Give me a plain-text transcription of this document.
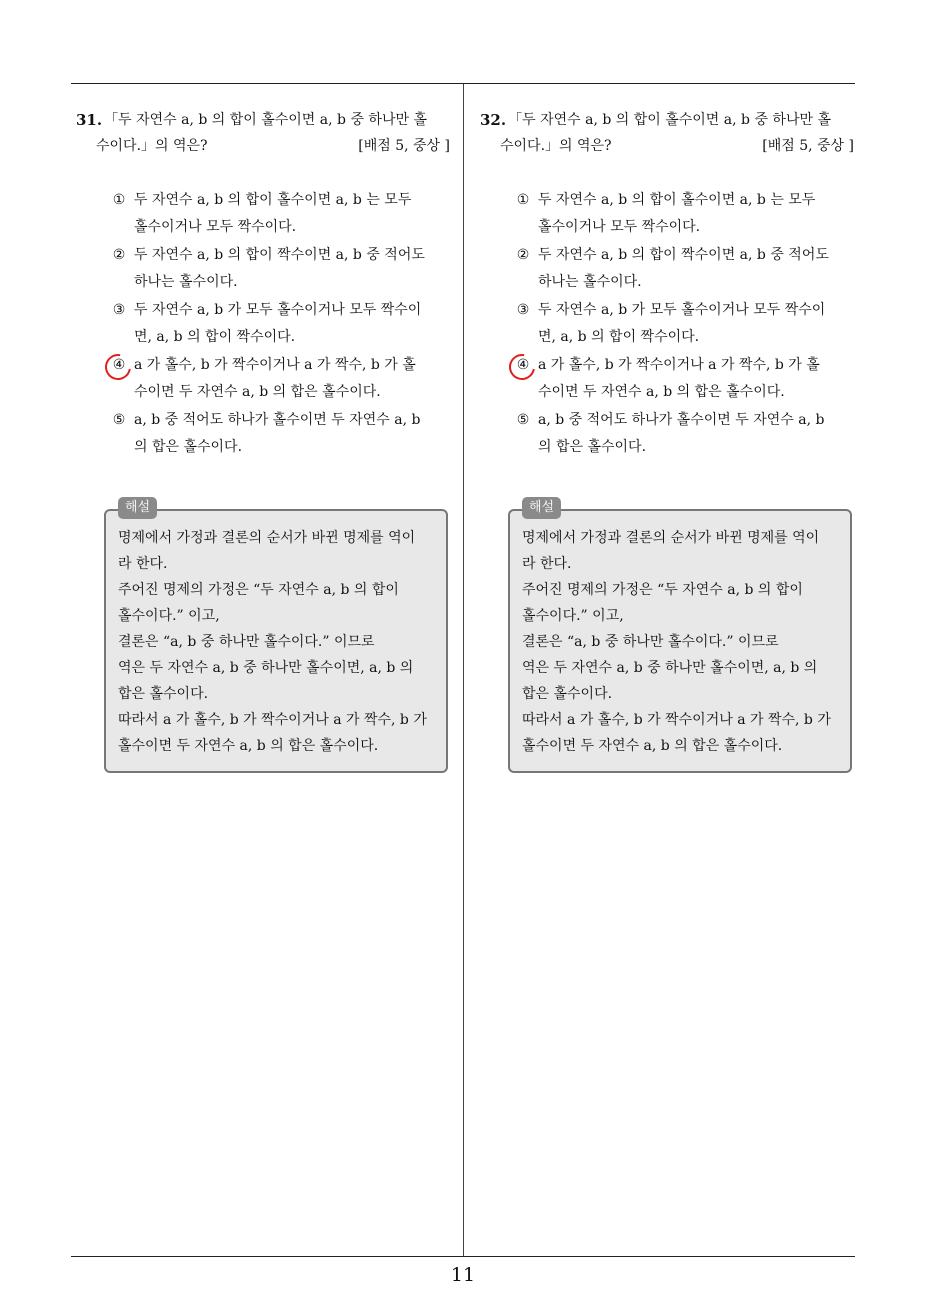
31. 「두 자연수 a, b 의 합이 홀수이면 a, b 중 하나만 홀
수이다.」의 역은?	[배점 5, 중상 ]
① 두 자연수 a, b 의 합이 홀수이면 a, b 는 모두
홀수이거나 모두 짝수이다.
② 두 자연수 a, b 의 합이 짝수이면 a, b 중 적어도
하나는 홀수이다.
③ 두 자연수 a, b 가 모두 홀수이거나 모두 짝수이
면, a, b 의 합이 짝수이다.
④ a 가 홀수, b 가 짝수이거나 a 가 짝수, b 가 홀
수이면 두 자연수 a, b 의 합은 홀수이다.
⑤ a, b 중 적어도 하나가 홀수이면 두 자연수 a, b
의 합은 홀수이다.
해설
명제에서 가정과 결론의 순서가 바뀐 명제를 역이
라 한다.
주어진 명제의 가정은 “두 자연수 a, b 의 합이
홀수이다.” 이고,
결론은 “a, b 중 하나만 홀수이다.” 이므로
역은 두 자연수 a, b 중 하나만 홀수이면, a, b 의
합은 홀수이다.
따라서 a 가 홀수, b 가 짝수이거나 a 가 짝수, b 가
홀수이면 두 자연수 a, b 의 합은 홀수이다.
32. 「두 자연수 a, b 의 합이 홀수이면 a, b 중 하나만 홀
수이다.」의 역은?	[배점 5, 중상 ]
① 두 자연수 a, b 의 합이 홀수이면 a, b 는 모두
홀수이거나 모두 짝수이다.
② 두 자연수 a, b 의 합이 짝수이면 a, b 중 적어도
하나는 홀수이다.
③ 두 자연수 a, b 가 모두 홀수이거나 모두 짝수이
면, a, b 의 합이 짝수이다.
④ a 가 홀수, b 가 짝수이거나 a 가 짝수, b 가 홀
수이면 두 자연수 a, b 의 합은 홀수이다.
⑤ a, b 중 적어도 하나가 홀수이면 두 자연수 a, b
의 합은 홀수이다.
해설
명제에서 가정과 결론의 순서가 바뀐 명제를 역이
라 한다.
주어진 명제의 가정은 “두 자연수 a, b 의 합이
홀수이다.” 이고,
결론은 “a, b 중 하나만 홀수이다.” 이므로
역은 두 자연수 a, b 중 하나만 홀수이면, a, b 의
합은 홀수이다.
따라서 a 가 홀수, b 가 짝수이거나 a 가 짝수, b 가
홀수이면 두 자연수 a, b 의 합은 홀수이다.
11
